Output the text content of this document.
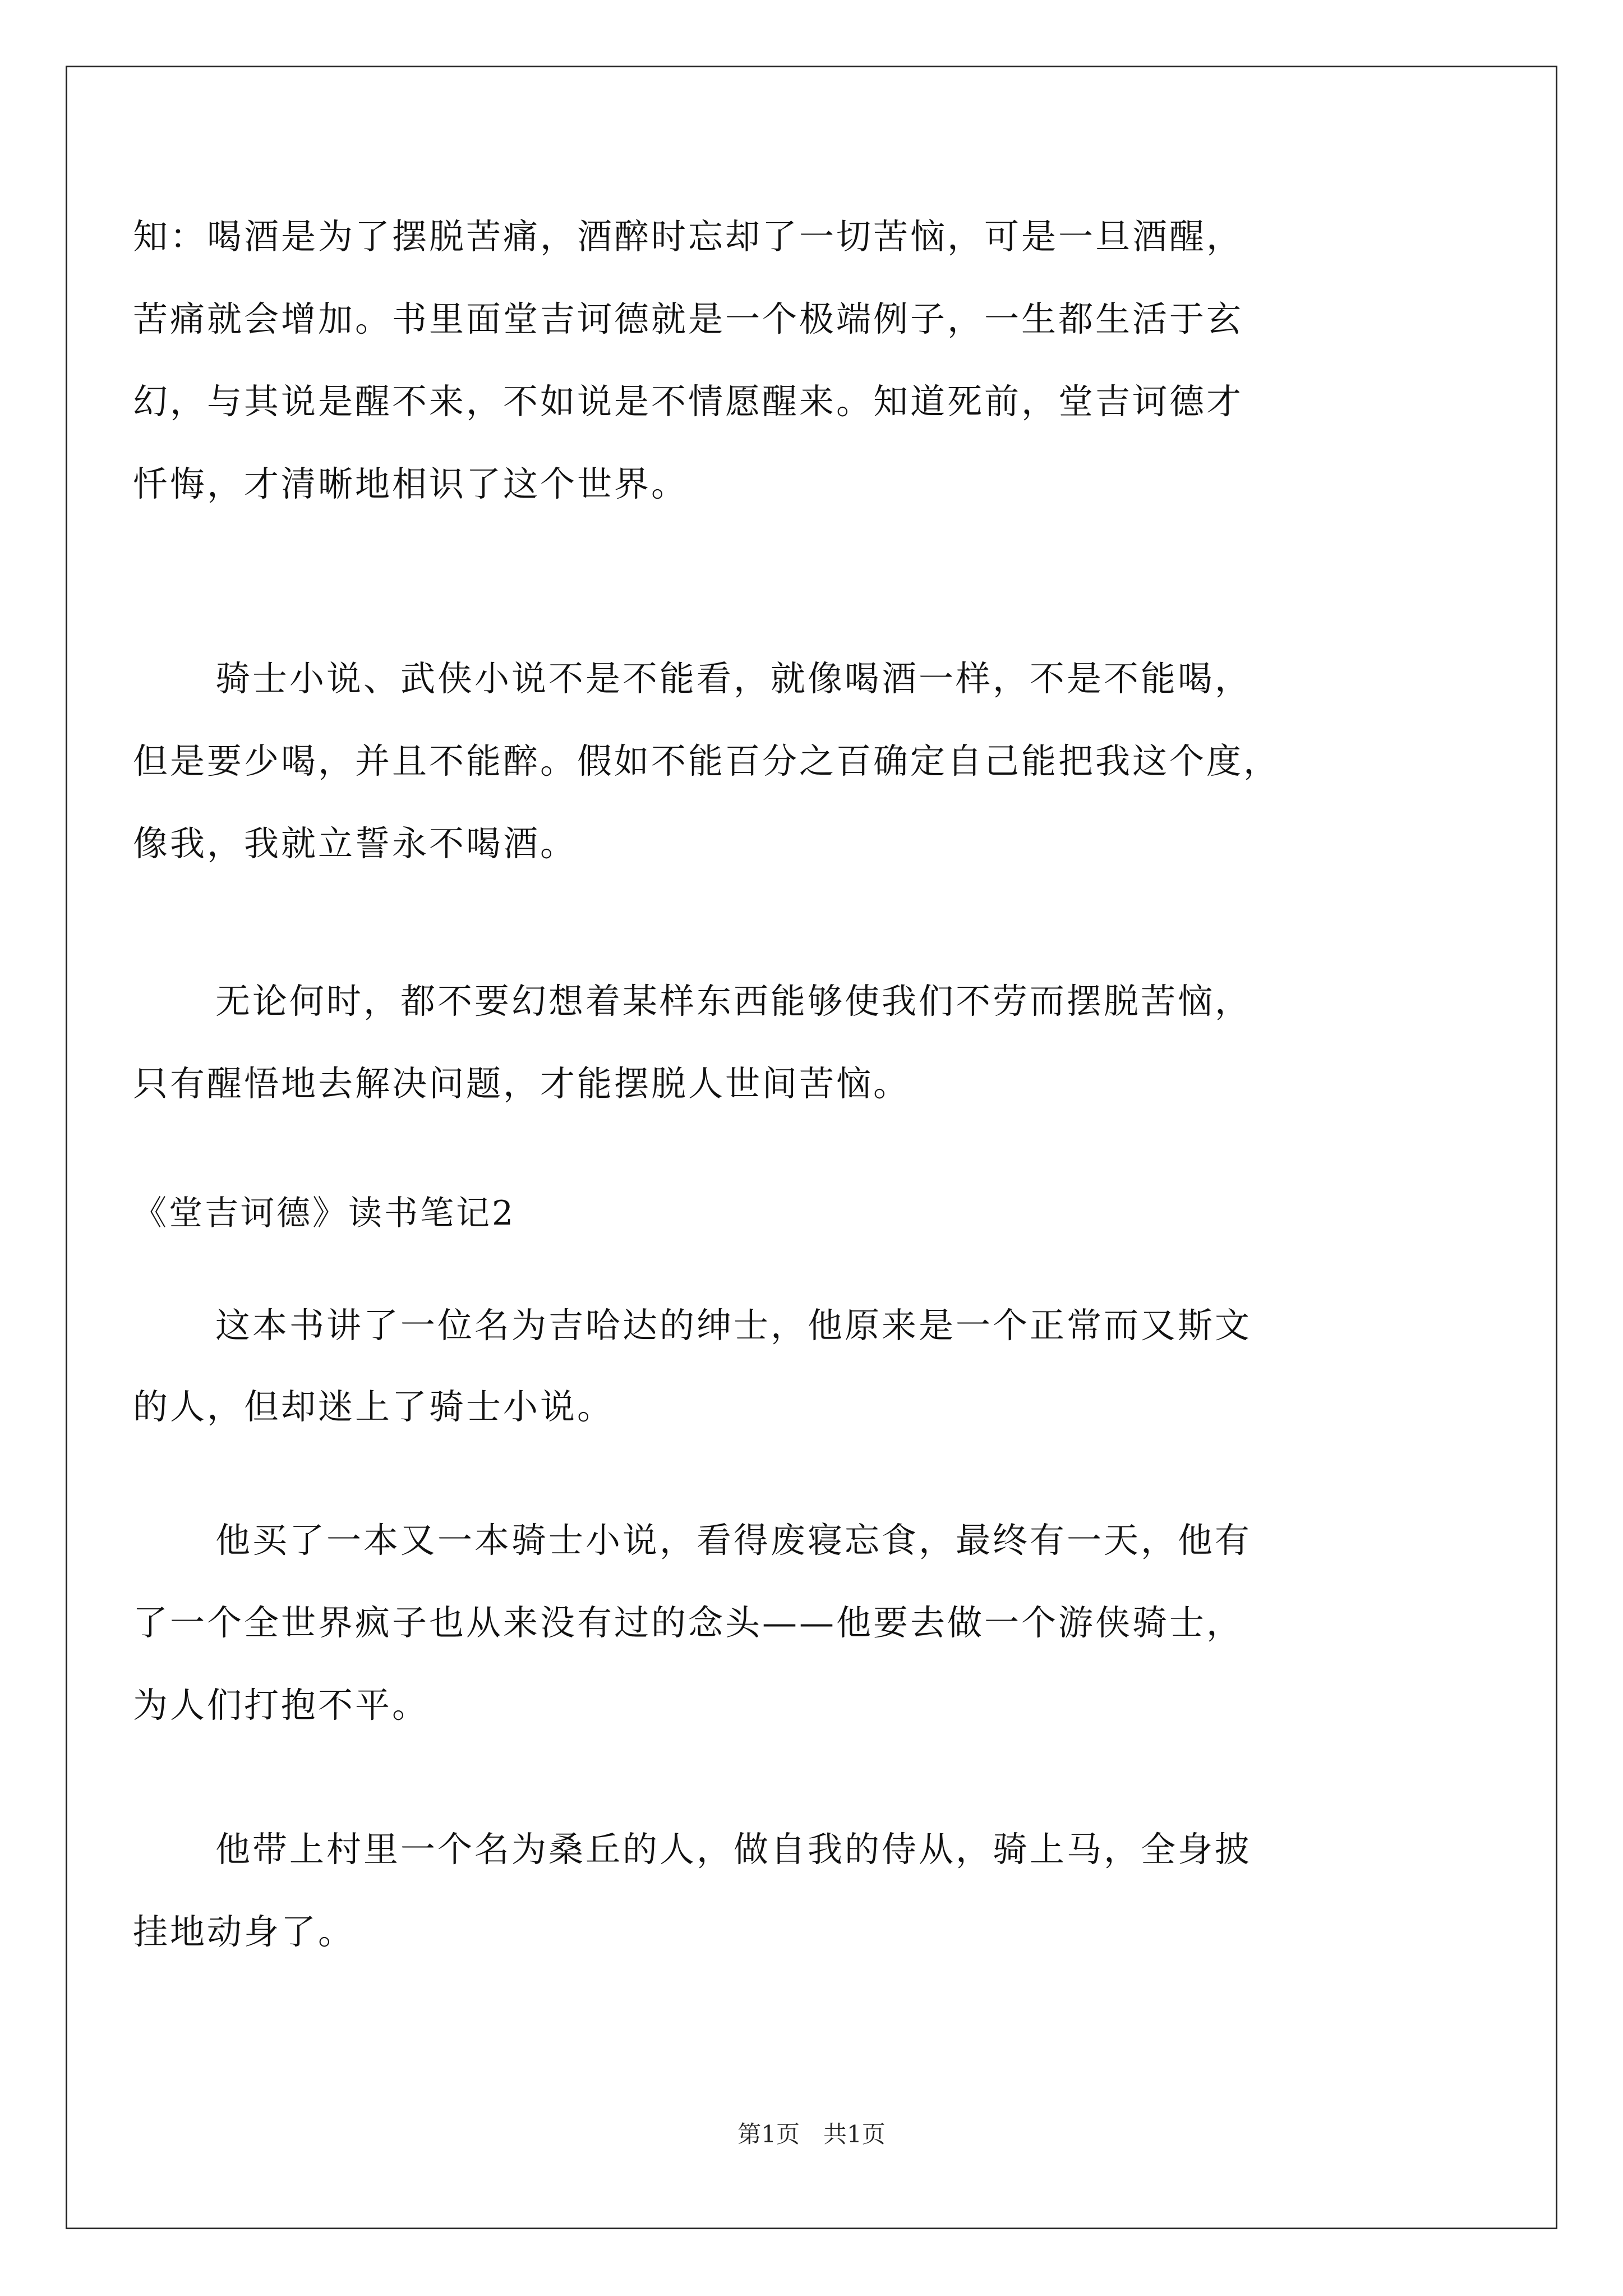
知：喝酒是为了摆脱苦痛，酒醉时忘却了一切苦恼，可是一旦酒醒，
苦痛就会增加。书里面堂吉诃德就是一个极端例子，一生都生活于玄
幻，与其说是醒不来，不如说是不情愿醒来。知道死前，堂吉诃德才
忏悔，才清晰地相识了这个世界。
骑士小说、武侠小说不是不能看，就像喝酒一样，不是不能喝，
但是要少喝，并且不能醉。假如不能百分之百确定自己能把我这个度，
像我，我就立誓永不喝酒。
无论何时，都不要幻想着某样东西能够使我们不劳而摆脱苦恼，
只有醒悟地去解决问题，才能摆脱人世间苦恼。
《堂吉诃德》读书笔记2
这本书讲了一位名为吉哈达的绅士，他原来是一个正常而又斯文
的人，但却迷上了骑士小说。
他买了一本又一本骑士小说，看得废寝忘食，最终有一天，他有
了一个全世界疯子也从来没有过的念头——他要去做一个游侠骑士，
为人们打抱不平。
他带上村里一个名为桑丘的人，做自我的侍从，骑上马，全身披
挂地动身了。
第1页　共1页
